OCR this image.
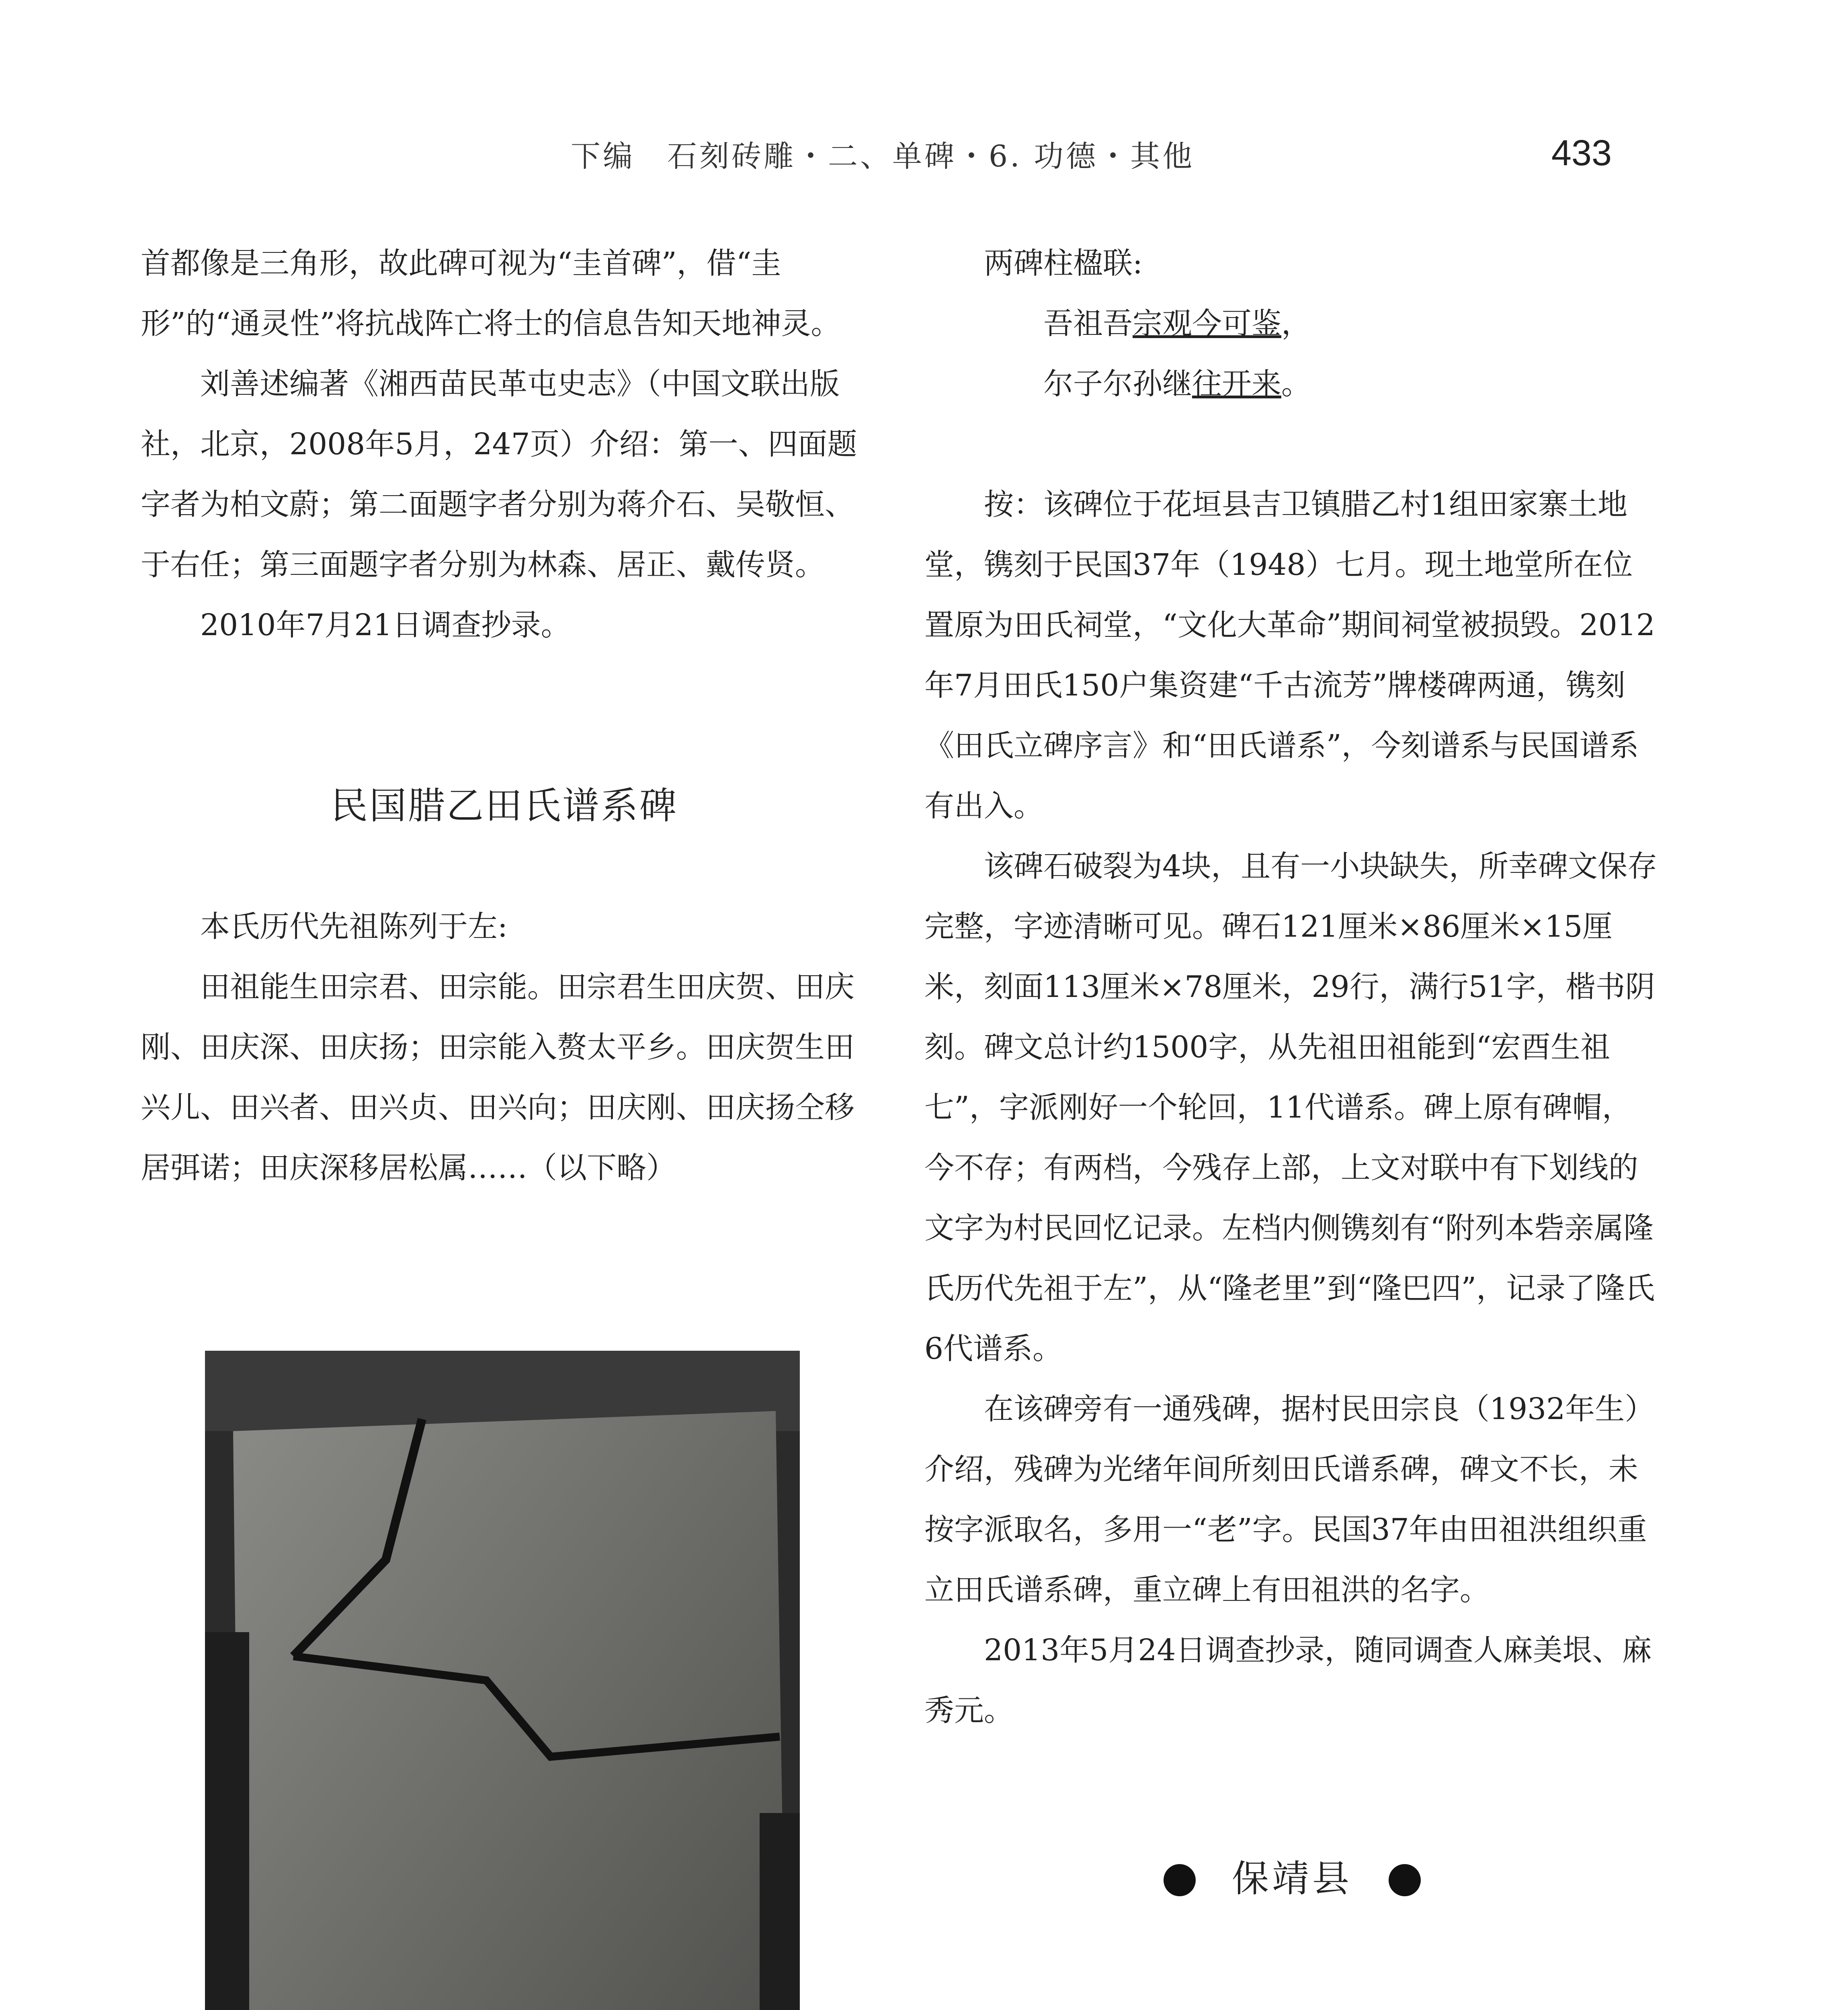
下编　石刻砖雕・二、单碑・6. 功德・其他	433

首都像是三角形，故此碑可视为“圭首碑”，借“圭形”的“通灵性”将抗战阵亡将士的信息告知天地神灵。

刘善述编著《湘西苗民革屯史志》（中国文联出版社，北京，2008年5月，247页）介绍：第一、四面题字者为柏文蔚；第二面题字者分别为蒋介石、吴敬恒、于右任；第三面题字者分别为林森、居正、戴传贤。

2010年7月21日调查抄录。

民国腊乙田氏谱系碑

本氏历代先祖陈列于左:

田祖能生田宗君、田宗能。田宗君生田庆贺、田庆刚、田庆深、田庆扬；田宗能入赘太平乡。田庆贺生田兴儿、田兴者、田兴贞、田兴向；田庆刚、田庆扬仝移居弭诺；田庆深移居松属……（以下略）

两碑柱楹联:

吾祖吾宗观今可鉴，

尔子尔孙继往开来。

按：该碑位于花垣县吉卫镇腊乙村1组田家寨土地堂，镌刻于民国37年（1948）七月。现土地堂所在位置原为田氏祠堂，“文化大革命”期间祠堂被损毁。2012年7月田氏150户集资建“千古流芳”牌楼碑两通，镌刻《田氏立碑序言》和“田氏谱系”，今刻谱系与民国谱系有出入。

该碑石破裂为4块，且有一小块缺失，所幸碑文保存完整，字迹清晰可见。碑石121厘米×86厘米×15厘米，刻面113厘米×78厘米，29行，满行51字，楷书阴刻。碑文总计约1500字，从先祖田祖能到“宏酉生祖七”，字派刚好一个轮回，11代谱系。碑上原有碑帽，今不存；有两档，今残存上部，上文对联中有下划线的文字为村民回忆记录。左档内侧镌刻有“附列本砦亲属隆氏历代先祖于左”，从“隆老里”到“隆巴四”，记录了隆氏6代谱系。

在该碑旁有一通残碑，据村民田宗良（1932年生）介绍，残碑为光绪年间所刻田氏谱系碑，碑文不长，未按字派取名，多用一“老”字。民国37年由田祖洪组织重立田氏谱系碑，重立碑上有田祖洪的名字。

2013年5月24日调查抄录，随同调查人麻美垠、麻秀元。

保靖县
